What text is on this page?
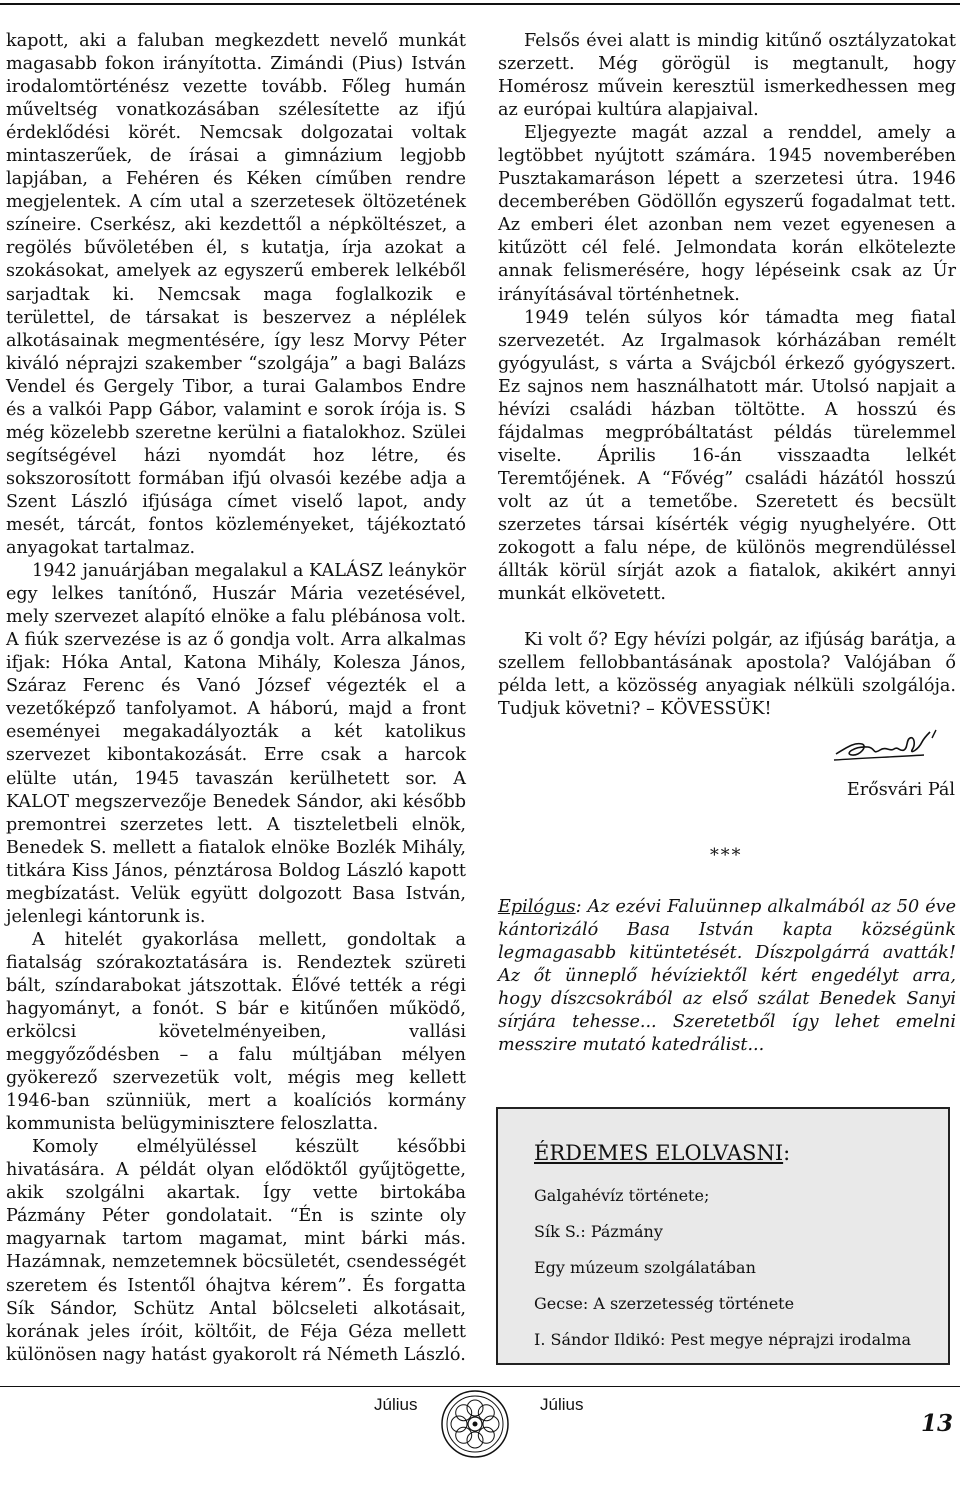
kapott, aki a faluban megkezdett nevelő munkát magasabb fokon irányította. Zimándi (Pius) István irodalomtörténész vezette tovább. Főleg humán műveltség vonatkozásában szélesítette az ifjú érdeklődési körét. Nemcsak dolgozatai voltak mintaszerűek, de írásai a gimnázium legjobb lapjában, a Fehéren és Kéken címűben rendre megjelentek. A cím utal a szerzetesek öltözetének színeire. Cserkész, aki kezdettől a népköltészet, a regölés bűvöletében él, s kutatja, írja azokat a szokásokat, amelyek az egyszerű emberek lelkéből sarjadtak ki. Nemcsak maga foglalkozik e területtel, de társakat is beszervez a néplélek alkotásainak megmentésére, így lesz Morvy Péter kiváló néprajzi szakember “szolgája” a bagi Balázs Vendel és Gergely Tibor, a turai Galambos Endre és a valkói Papp Gábor, valamint e sorok írója is. S még közelebb szeretne kerülni a fiatalokhoz. Szülei segítségével házi nyomdát hoz létre, és sokszorosított formában ifjú olvasói kezébe adja a Szent László ifjúsága címet viselő lapot, andy mesét, tárcát, fontos közleményeket, tájékoztató anyagokat tartalmaz.

1942 januárjában megalakul a KALÁSZ leánykör egy lelkes tanítónő, Huszár Mária vezetésével, mely szervezet alapító elnöke a falu plébánosa volt. A fiúk szervezése is az ő gondja volt. Arra alkalmas ifjak: Hóka Antal, Katona Mihály, Kolesza János, Száraz Ferenc és Vanó József végezték el a vezetőképző tanfolyamot. A háború, majd a front eseményei megakadályozták a két katolikus szervezet kibontakozását. Erre csak a harcok elülte után, 1945 tavaszán kerülhetett sor. A KALOT megszervezője Benedek Sándor, aki később premontrei szerzetes lett. A tiszteletbeli elnök, Benedek S. mellett a fiatalok elnöke Bozlék Mihály, titkára Kiss János, pénztárosa Boldog László kapott megbízatást. Velük együtt dolgozott Basa István, jelenlegi kántorunk is.

A hitelét gyakorlása mellett, gondoltak a fiatalság szórakoztatására is. Rendeztek szüreti bált, színdarabokat játszottak. Élővé tették a régi hagyományt, a fonót. S bár e kitűnően működő, erkölcsi követelményeiben, vallási meggyőződésben – a falu múltjában mélyen gyökerező szervezetük volt, mégis meg kellett 1946-ban szünniük, mert a koalíciós kormány kommunista belügyminisztere feloszlatta.

Komoly elmélyüléssel készült későbbi hivatására. A példát olyan elődöktől gyűjtögette, akik szolgálni akartak. Így vette birtokába Pázmány Péter gondolatait. “Én is szinte oly magyarnak tartom magamat, mint bárki más. Hazámnak, nemzetemnek böcsületét, csendességét szeretem és Istentől óhajtva kérem”. És forgatta Sík Sándor, Schütz Antal bölcseleti alkotásait, korának jeles íróit, költőit, de Féja Géza mellett különösen nagy hatást gyakorolt rá Németh László.

Felsős évei alatt is mindig kitűnő osztályzatokat szerzett. Még görögül is megtanult, hogy Homérosz művein keresztül ismerkedhessen meg az európai kultúra alapjaival.

Eljegyezte magát azzal a renddel, amely a legtöbbet nyújtott számára. 1945 novemberében Pusztakamaráson lépett a szerzetesi útra. 1946 decemberében Gödöllőn egyszerű fogadalmat tett. Az emberi élet azonban nem vezet egyenesen a kitűzött cél felé. Jelmondata korán elkötelezte annak felismerésére, hogy lépéseink csak az Úr irányításával történhetnek.

1949 telén súlyos kór támadta meg fiatal szervezetét. Az Irgalmasok kórházában remélt gyógyulást, s várta a Svájcból érkező gyógyszert. Ez sajnos nem használhatott már. Utolsó napjait a hévízi családi házban töltötte. A hosszú és fájdalmas megpróbáltatást példás türelemmel viselte. Április 16-án visszaadta lelkét Teremtőjének. A “Fővég” családi házától hosszú volt az út a temetőbe. Szeretett és becsült szerzetes társai kísérték végig nyughelyére. Ott zokogott a falu népe, de különös megrendüléssel állták körül sírját azok a fiatalok, akikért annyi munkát elkövetett.

Ki volt ő? Egy hévízi polgár, az ifjúság barátja, a szellem fellobbantásának apostola? Valójában ő példa lett, a közösség anyagiak nélküli szolgálója. Tudjuk követni? – KÖVESSÜK!

Erősvári Pál
***
Epilógus: Az ezévi Faluünnep alkalmából az 50 éve kántorizáló Basa István kapta községünk legmagasabb kitüntetését. Díszpolgárrá avatták! Az őt ünneplő hévíziektől kért engedélyt arra, hogy díszcsokrából az első szálat Benedek Sanyi sírjára tehesse... Szeretetből így lehet emelni messzire mutató katedrálist...
ÉRDEMES ELOLVASNI:
Galgahévíz története;
Sík S.: Pázmány
Egy múzeum szolgálatában
Gecse: A szerzetesség története
I. Sándor Ildikó: Pest megye néprajzi irodalma
Július	Július
13
